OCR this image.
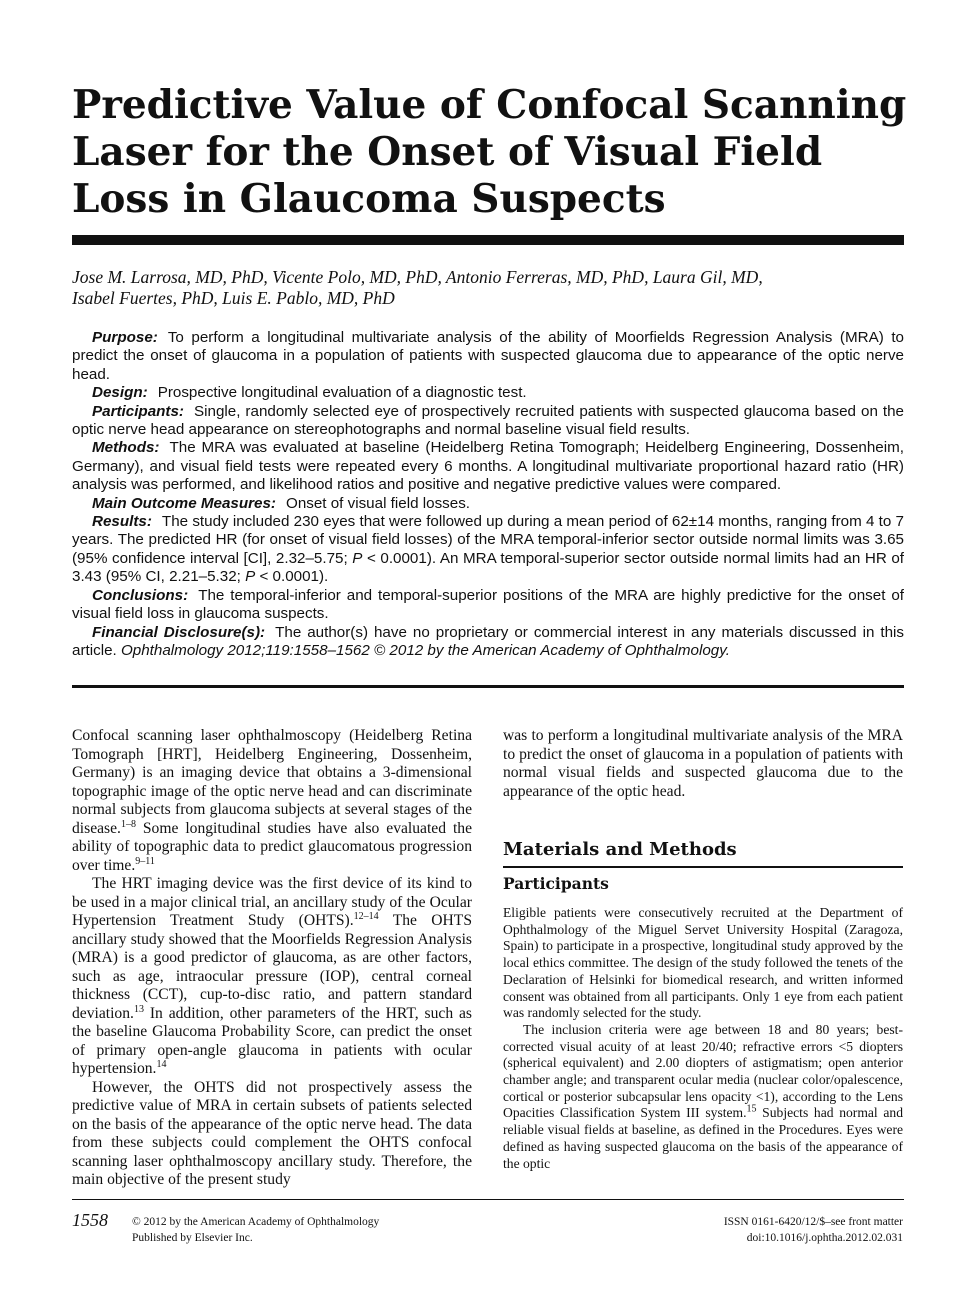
Predictive Value of Confocal Scanning Laser for the Onset of Visual Field Loss in Glaucoma Suspects
Jose M. Larrosa, MD, PhD, Vicente Polo, MD, PhD, Antonio Ferreras, MD, PhD, Laura Gil, MD,
Isabel Fuertes, PhD, Luis E. Pablo, MD, PhD

Purpose: To perform a longitudinal multivariate analysis of the ability of Moorfields Regression Analysis (MRA) to predict the onset of glaucoma in a population of patients with suspected glaucoma due to appearance of the optic nerve head.

Design: Prospective longitudinal evaluation of a diagnostic test.

Participants: Single, randomly selected eye of prospectively recruited patients with suspected glaucoma based on the optic nerve head appearance on stereophotographs and normal baseline visual field results.

Methods: The MRA was evaluated at baseline (Heidelberg Retina Tomograph; Heidelberg Engineering, Dossenheim, Germany), and visual field tests were repeated every 6 months. A longitudinal multivariate proportional hazard ratio (HR) analysis was performed, and likelihood ratios and positive and negative predictive values were compared.

Main Outcome Measures: Onset of visual field losses.

Results: The study included 230 eyes that were followed up during a mean period of 62±14 months, ranging from 4 to 7 years. The predicted HR (for onset of visual field losses) of the MRA temporal-inferior sector outside normal limits was 3.65 (95% confidence interval [CI], 2.32–5.75; P < 0.0001). An MRA temporal-superior sector outside normal limits had an HR of 3.43 (95% CI, 2.21–5.32; P < 0.0001).

Conclusions: The temporal-inferior and temporal-superior positions of the MRA are highly predictive for the onset of visual field loss in glaucoma suspects.

Financial Disclosure(s): The author(s) have no proprietary or commercial interest in any materials discussed in this article. Ophthalmology 2012;119:1558–1562 © 2012 by the American Academy of Ophthalmology.

Confocal scanning laser ophthalmoscopy (Heidelberg Retina Tomograph [HRT], Heidelberg Engineering, Dossenheim, Germany) is an imaging device that obtains a 3-dimensional topographic image of the optic nerve head and can discriminate normal subjects from glaucoma subjects at several stages of the disease.$^{1-8}$ Some longitudinal studies have also evaluated the ability of topographic data to predict glaucomatous progression over time.$^{9-11}$

The HRT imaging device was the first device of its kind to be used in a major clinical trial, an ancillary study of the Ocular Hypertension Treatment Study (OHTS).$^{12-14}$ The OHTS ancillary study showed that the Moorfields Regression Analysis (MRA) is a good predictor of glaucoma, as are other factors, such as age, intraocular pressure (IOP), central corneal thickness (CCT), cup-to-disc ratio, and pattern standard deviation.$^{13}$ In addition, other parameters of the HRT, such as the baseline Glaucoma Probability Score, can predict the onset of primary open-angle glaucoma in patients with ocular hypertension.$^{14}$

However, the OHTS did not prospectively assess the predictive value of MRA in certain subsets of patients selected on the basis of the appearance of the optic nerve head. The data from these subjects could complement the OHTS confocal scanning laser ophthalmoscopy ancillary study. Therefore, the main objective of the present study

was to perform a longitudinal multivariate analysis of the MRA to predict the onset of glaucoma in a population of patients with normal visual fields and suspected glaucoma due to the appearance of the optic head.

Materials and Methods
Participants

Eligible patients were consecutively recruited at the Department of Ophthalmology of the Miguel Servet University Hospital (Zaragoza, Spain) to participate in a prospective, longitudinal study approved by the local ethics committee. The design of the study followed the tenets of the Declaration of Helsinki for biomedical research, and written informed consent was obtained from all participants. Only 1 eye from each patient was randomly selected for the study.

The inclusion criteria were age between 18 and 80 years; best-corrected visual acuity of at least 20/40; refractive errors <5 diopters (spherical equivalent) and 2.00 diopters of astigmatism; open anterior chamber angle; and transparent ocular media (nuclear color/opalescence, cortical or posterior subcapsular lens opacity <1), according to the Lens Opacities Classification System III system.$^{15}$ Subjects had normal and reliable visual fields at baseline, as defined in the Procedures. Eyes were defined as having suspected glaucoma on the basis of the appearance of the optic

1558 © 2012 by the American Academy of Ophthalmology
Published by Elsevier Inc.
ISSN 0161-6420/12/$–see front matter
doi:10.1016/j.ophtha.2012.02.031
